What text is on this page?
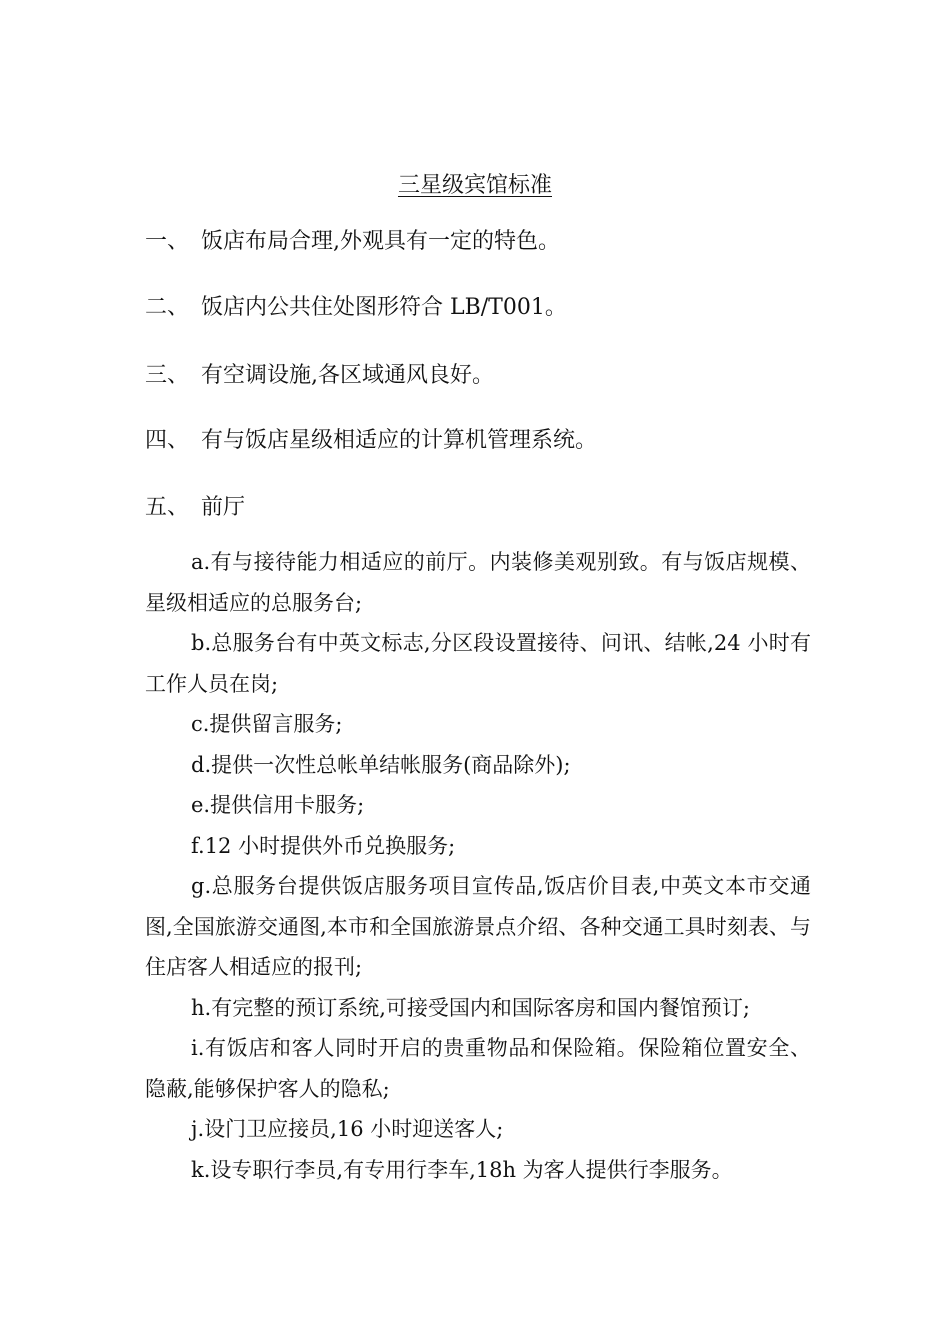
三星级宾馆标准
一、 饭店布局合理,外观具有一定的特色。
二、 饭店内公共住处图形符合 LB/T001。
三、 有空调设施,各区域通风良好。
四、 有与饭店星级相适应的计算机管理系统。
五、 前厅

a.有与接待能力相适应的前厅。内装修美观别致。有与饭店规模、星级相适应的总服务台;

b.总服务台有中英文标志,分区段设置接待、问讯、结帐,24 小时有工作人员在岗;

c.提供留言服务;

d.提供一次性总帐单结帐服务(商品除外);

e.提供信用卡服务;

f.12 小时提供外币兑换服务;

g.总服务台提供饭店服务项目宣传品,饭店价目表,中英文本市交通图,全国旅游交通图,本市和全国旅游景点介绍、各种交通工具时刻表、与住店客人相适应的报刊;

h.有完整的预订系统,可接受国内和国际客房和国内餐馆预订;

i.有饭店和客人同时开启的贵重物品和保险箱。保险箱位置安全、隐蔽,能够保护客人的隐私;

j.设门卫应接员,16 小时迎送客人;

k.设专职行李员,有专用行李车,18h 为客人提供行李服务。
